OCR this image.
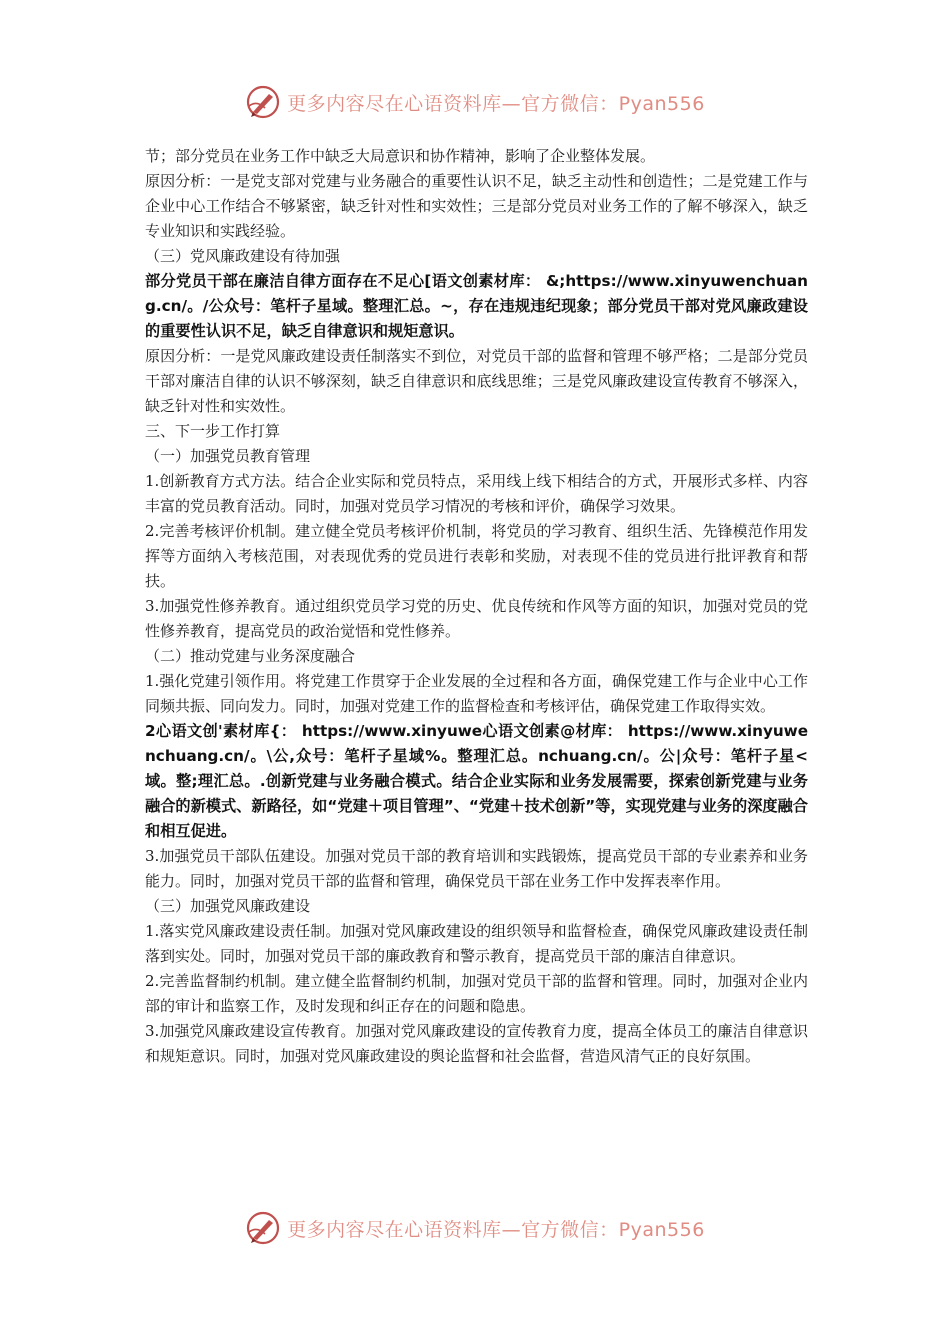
更多内容尽在心语资料库—官方微信：Pyan556

节；部分党员在业务工作中缺乏大局意识和协作精神，影响了企业整体发展。

原因分析：一是党支部对党建与业务融合的重要性认识不足，缺乏主动性和创造性；二是党建工作与企业中心工作结合不够紧密，缺乏针对性和实效性；三是部分党员对业务工作的了解不够深入，缺乏专业知识和实践经验。

（三）党风廉政建设有待加强

部分党员干部在廉洁自律方面存在不足心[语文创素材库： &;https://www.xinyuwenchuang.cn/。/公众号：笔杆子星域。整理汇总。~，存在违规违纪现象；部分党员干部对党风廉政建设的重要性认识不足，缺乏自律意识和规矩意识。

原因分析：一是党风廉政建设责任制落实不到位，对党员干部的监督和管理不够严格；二是部分党员干部对廉洁自律的认识不够深刻，缺乏自律意识和底线思维；三是党风廉政建设宣传教育不够深入，缺乏针对性和实效性。

三、下一步工作打算

（一）加强党员教育管理

1.创新教育方式方法。结合企业实际和党员特点，采用线上线下相结合的方式，开展形式多样、内容丰富的党员教育活动。同时，加强对党员学习情况的考核和评价，确保学习效果。

2.完善考核评价机制。建立健全党员考核评价机制，将党员的学习教育、组织生活、先锋模范作用发挥等方面纳入考核范围，对表现优秀的党员进行表彰和奖励，对表现不佳的党员进行批评教育和帮扶。

3.加强党性修养教育。通过组织党员学习党的历史、优良传统和作风等方面的知识，加强对党员的党性修养教育，提高党员的政治觉悟和党性修养。

（二）推动党建与业务深度融合

1.强化党建引领作用。将党建工作贯穿于企业发展的全过程和各方面，确保党建工作与企业中心工作同频共振、同向发力。同时，加强对党建工作的监督检查和考核评估，确保党建工作取得实效。

2心语文创'素材库{： https://www.xinyuwe心语文创素@材库： https://www.xinyuwenchuang.cn/。\公,众号：笔杆子星域%。整理汇总。nchuang.cn/。公|众号：笔杆子星<域。整;理汇总。.创新党建与业务融合模式。结合企业实际和业务发展需要，探索创新党建与业务融合的新模式、新路径，如“党建＋项目管理”、“党建＋技术创新”等，实现党建与业务的深度融合和相互促进。

3.加强党员干部队伍建设。加强对党员干部的教育培训和实践锻炼，提高党员干部的专业素养和业务能力。同时，加强对党员干部的监督和管理，确保党员干部在业务工作中发挥表率作用。

（三）加强党风廉政建设

1.落实党风廉政建设责任制。加强对党风廉政建设的组织领导和监督检查，确保党风廉政建设责任制落到实处。同时，加强对党员干部的廉政教育和警示教育，提高党员干部的廉洁自律意识。

2.完善监督制约机制。建立健全监督制约机制，加强对党员干部的监督和管理。同时，加强对企业内部的审计和监察工作，及时发现和纠正存在的问题和隐患。

3.加强党风廉政建设宣传教育。加强对党风廉政建设的宣传教育力度，提高全体员工的廉洁自律意识和规矩意识。同时，加强对党风廉政建设的舆论监督和社会监督，营造风清气正的良好氛围。

更多内容尽在心语资料库—官方微信：Pyan556
